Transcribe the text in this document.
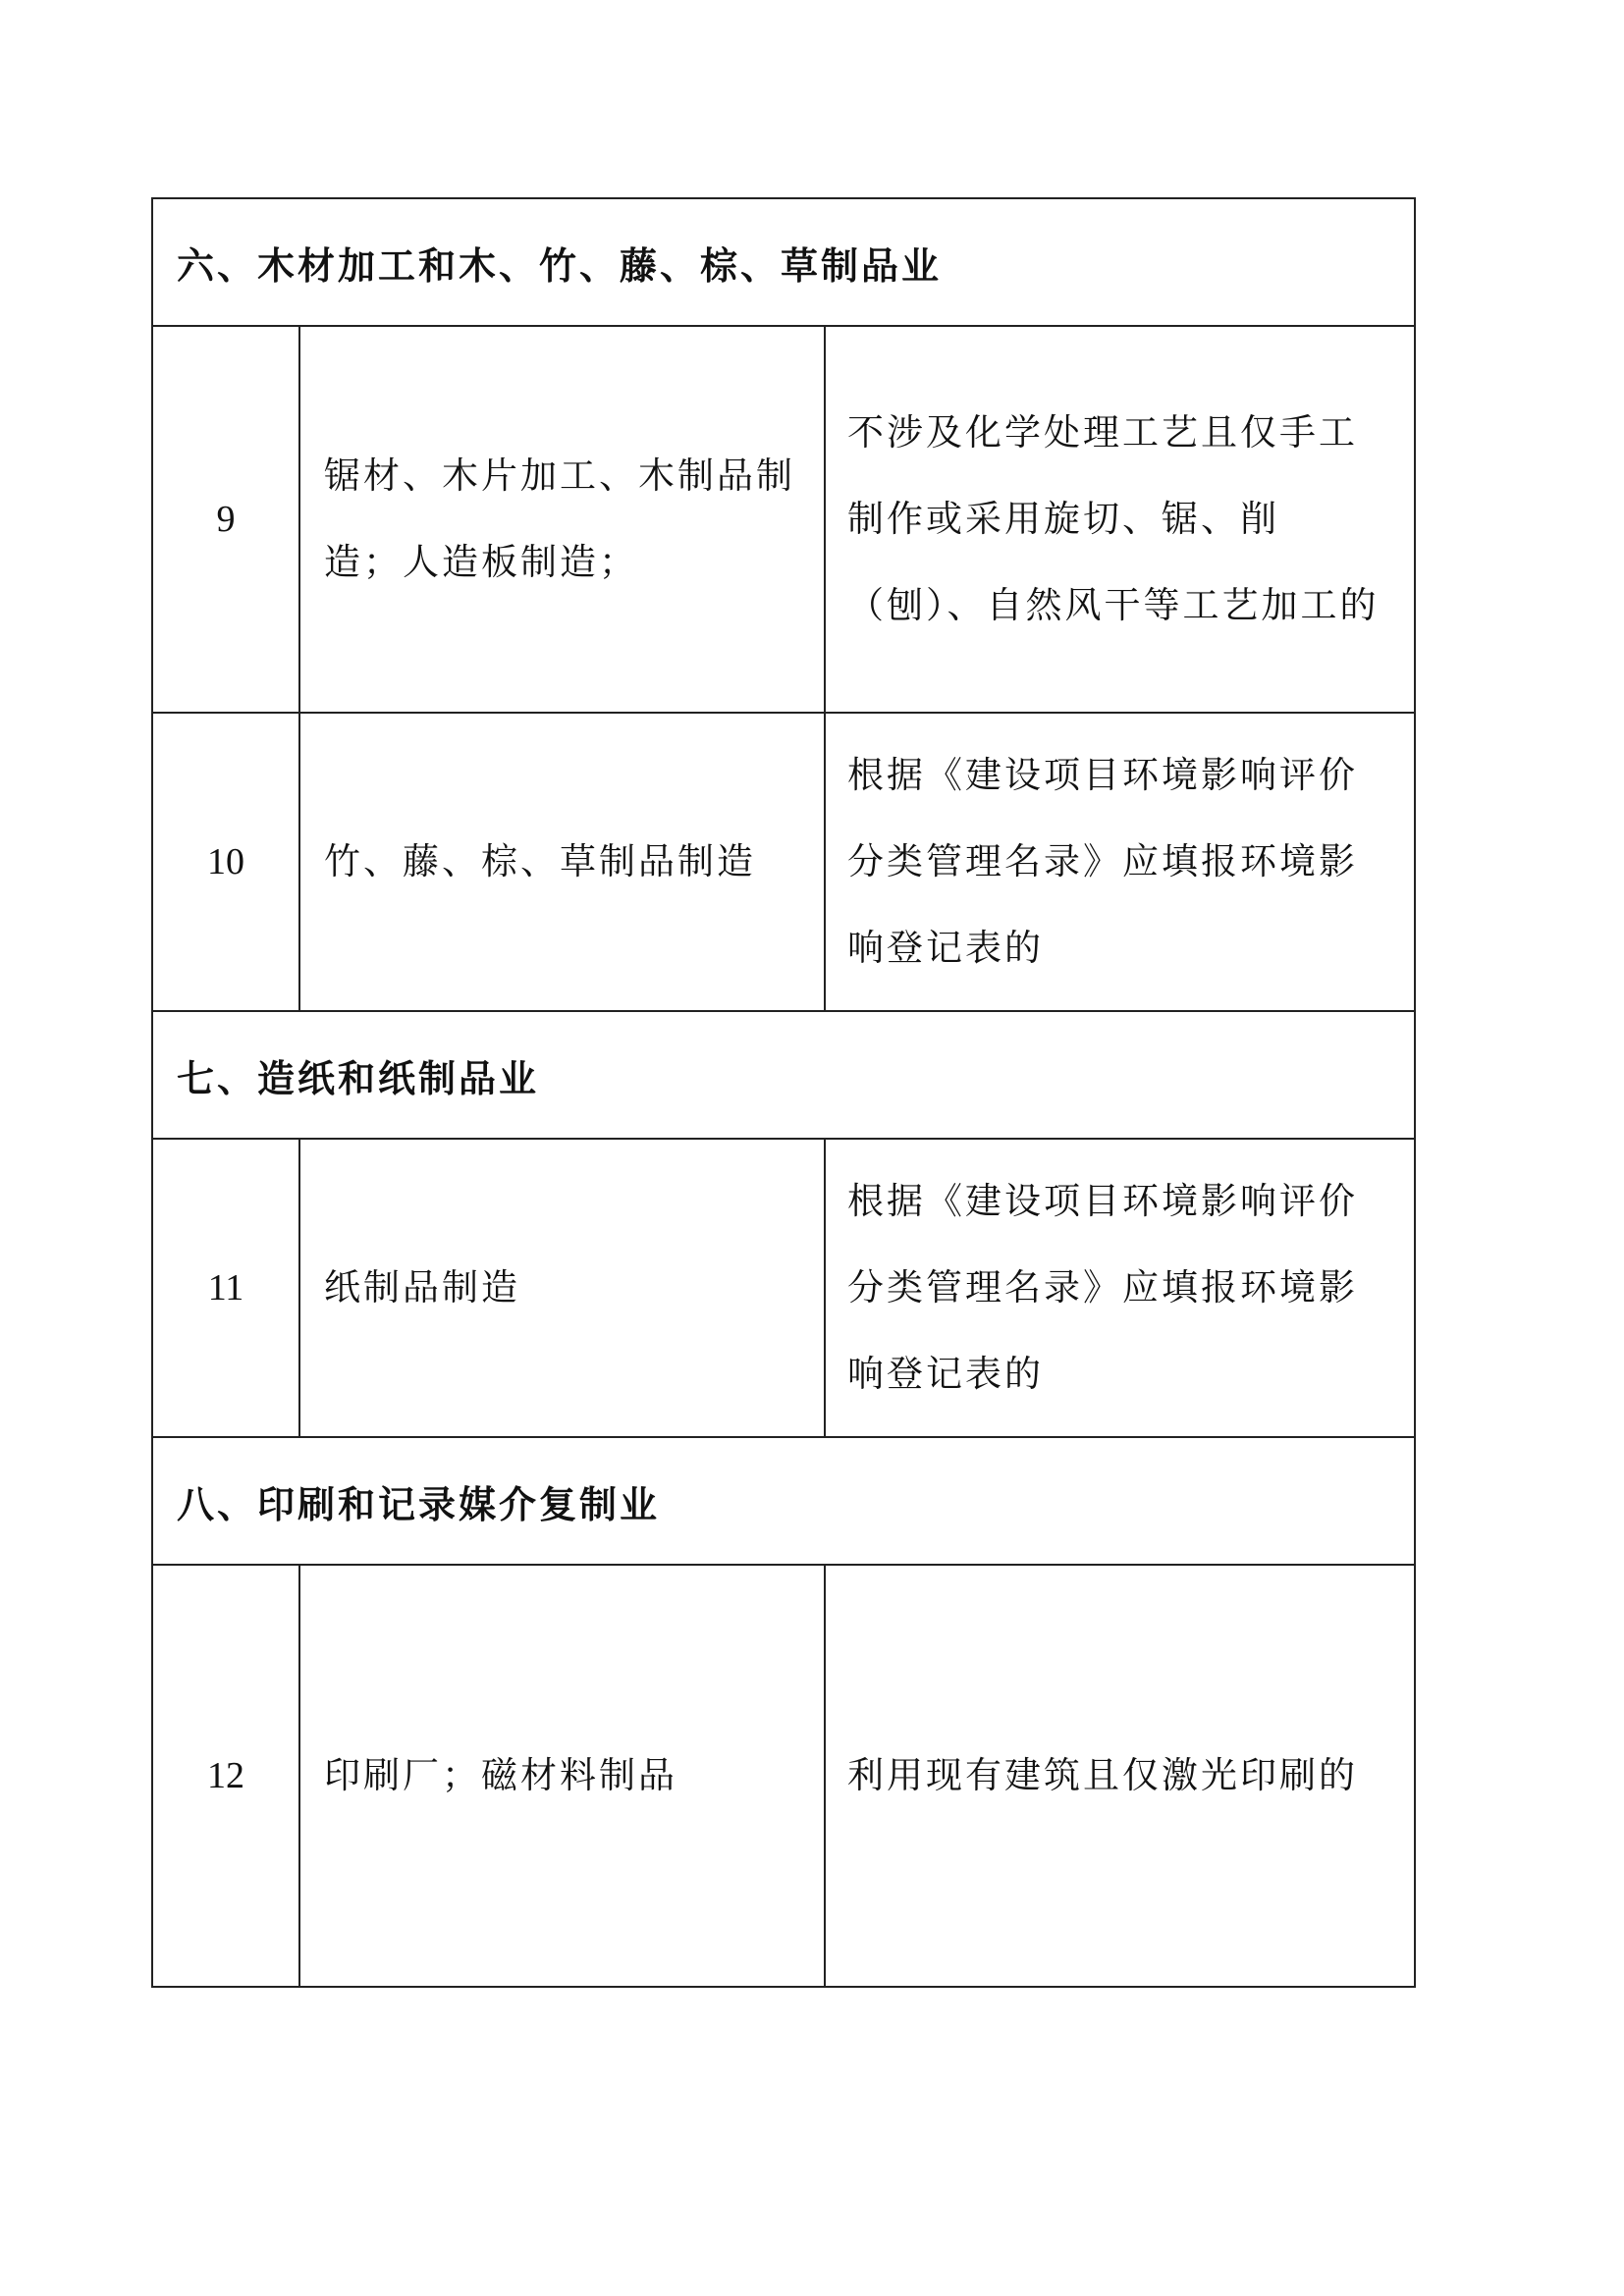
六、木材加工和木、竹、藤、棕、草制品业		
9	锯材、木片加工、木制品制造；人造板制造；	不涉及化学处理工艺且仅手工制作或采用旋切、锯、削（刨）、自然风干等工艺加工的

10	竹、藤、棕、草制品制造	根据《建设项目环境影响评价分类管理名录》应填报环境影响登记表的

七、造纸和纸制品业		
11	纸制品制造	根据《建设项目环境影响评价分类管理名录》应填报环境影响登记表的

八、印刷和记录媒介复制业		
12	印刷厂；磁材料制品	利用现有建筑且仅激光印刷的
